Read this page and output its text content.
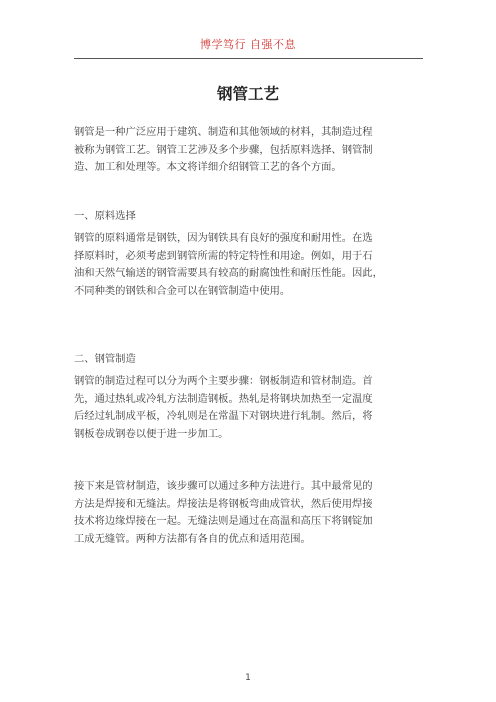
博学笃行 自强不息
钢管工艺
钢管是一种广泛应用于建筑、制造和其他领域的材料，其制造过程
被称为钢管工艺。钢管工艺涉及多个步骤，包括原料选择、钢管制
造、加工和处理等。本文将详细介绍钢管工艺的各个方面。
一、原料选择
钢管的原料通常是钢铁，因为钢铁具有良好的强度和耐用性。在选
择原料时，必须考虑到钢管所需的特定特性和用途。例如，用于石
油和天然气输送的钢管需要具有较高的耐腐蚀性和耐压性能。因此，
不同种类的钢铁和合金可以在钢管制造中使用。
二、钢管制造
钢管的制造过程可以分为两个主要步骤：钢板制造和管材制造。首
先，通过热轧或冷轧方法制造钢板。热轧是将钢块加热至一定温度
后经过轧制成平板，冷轧则是在常温下对钢块进行轧制。然后，将
钢板卷成钢卷以便于进一步加工。
接下来是管材制造，该步骤可以通过多种方法进行。其中最常见的
方法是焊接和无缝法。焊接法是将钢板弯曲成管状，然后使用焊接
技术将边缘焊接在一起。无缝法则是通过在高温和高压下将钢锭加
工成无缝管。两种方法都有各自的优点和适用范围。
1
